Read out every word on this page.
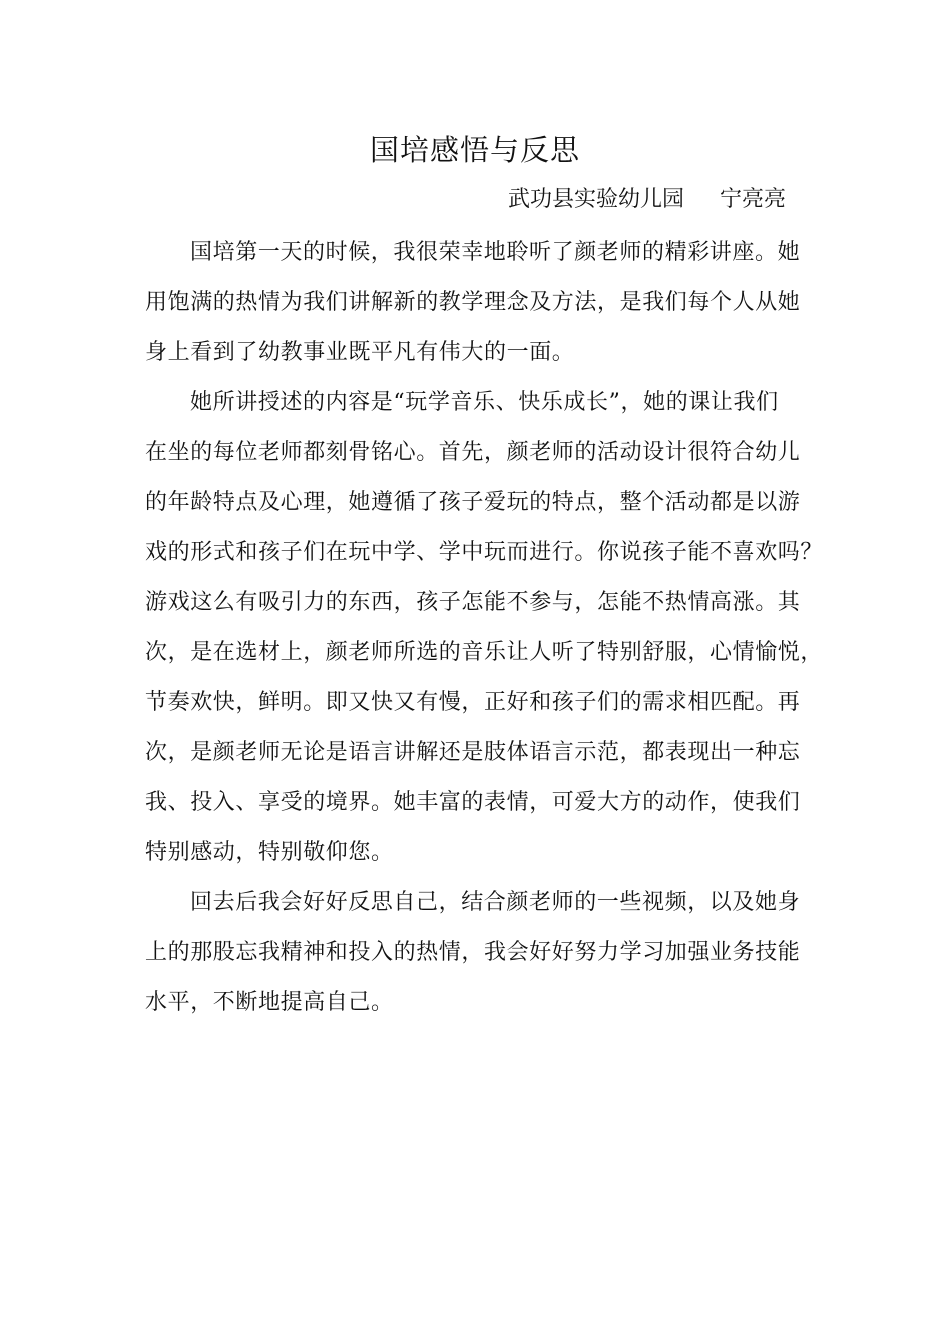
国培感悟与反思
武功县实验幼儿园 宁亮亮
国培第一天的时候，我很荣幸地聆听了颜老师的精彩讲座。她
用饱满的热情为我们讲解新的教学理念及方法，是我们每个人从她
身上看到了幼教事业既平凡有伟大的一面。
她所讲授述的内容是“玩学音乐、快乐成长”，她的课让我们
在坐的每位老师都刻骨铭心。首先，颜老师的活动设计很符合幼儿
的年龄特点及心理，她遵循了孩子爱玩的特点，整个活动都是以游
戏的形式和孩子们在玩中学、学中玩而进行。你说孩子能不喜欢吗？
游戏这么有吸引力的东西，孩子怎能不参与，怎能不热情高涨。其
次，是在选材上，颜老师所选的音乐让人听了特别舒服，心情愉悦，
节奏欢快，鲜明。即又快又有慢，正好和孩子们的需求相匹配。再
次，是颜老师无论是语言讲解还是肢体语言示范，都表现出一种忘
我、投入、享受的境界。她丰富的表情，可爱大方的动作，使我们
特别感动，特别敬仰您。
回去后我会好好反思自己，结合颜老师的一些视频，以及她身
上的那股忘我精神和投入的热情，我会好好努力学习加强业务技能
水平，不断地提高自己。
